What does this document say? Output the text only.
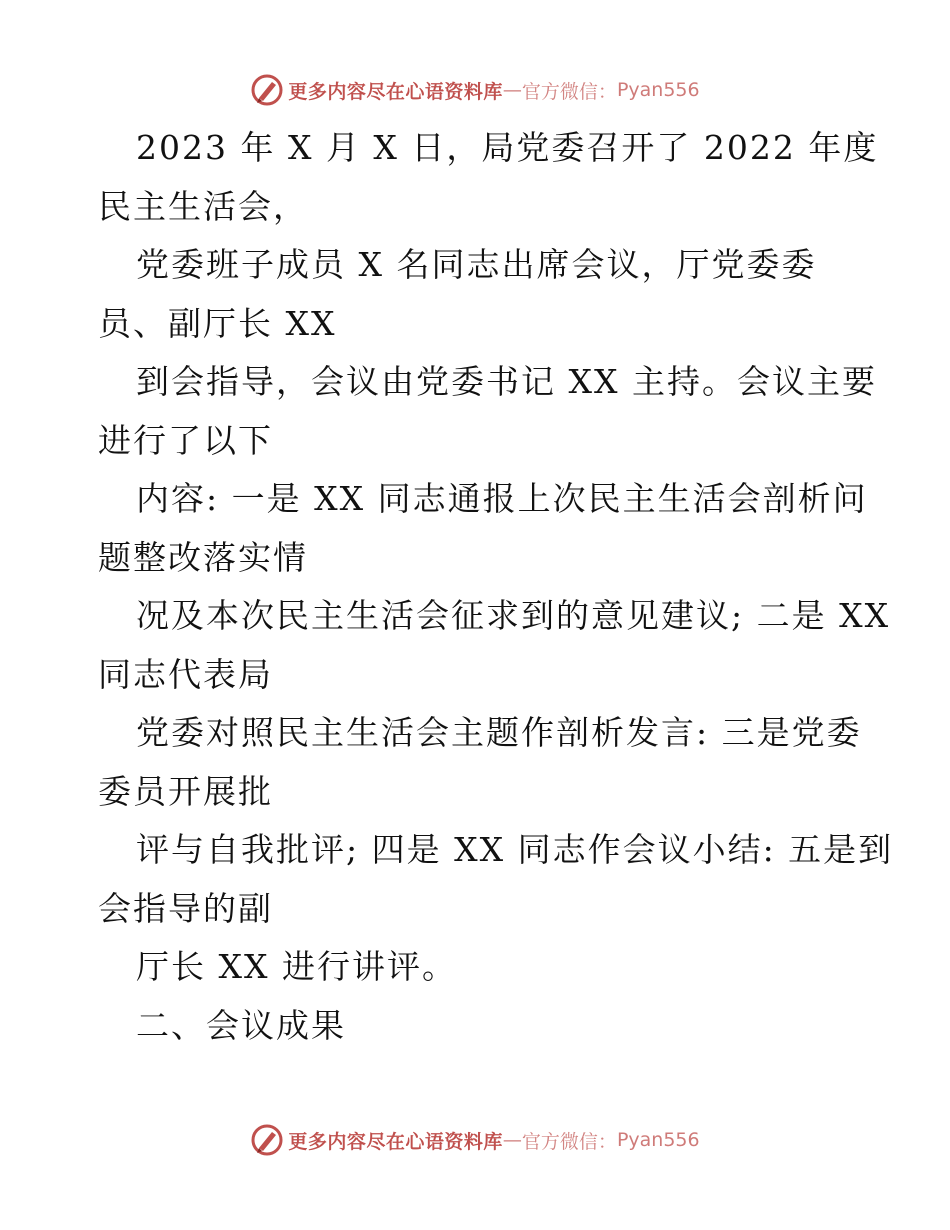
更多内容尽在心语资料库 — 官方微信： Pyan556
2023 年 X 月 X 日，局党委召开了 2022 年度
民主生活会，
党委班子成员 X 名同志出席会议，厅党委委
员、副厅长 XX
到会指导，会议由党委书记 XX 主持。会议主要
进行了以下
内容: 一是 XX 同志通报上次民主生活会剖析问
题整改落实情
况及本次民主生活会征求到的意见建议; 二是 XX
同志代表局
党委对照民主生活会主题作剖析发言: 三是党委
委员开展批
评与自我批评; 四是 XX 同志作会议小结: 五是到
会指导的副
厅长 XX 进行讲评。
二、会议成果
更多内容尽在心语资料库 — 官方微信： Pyan556
